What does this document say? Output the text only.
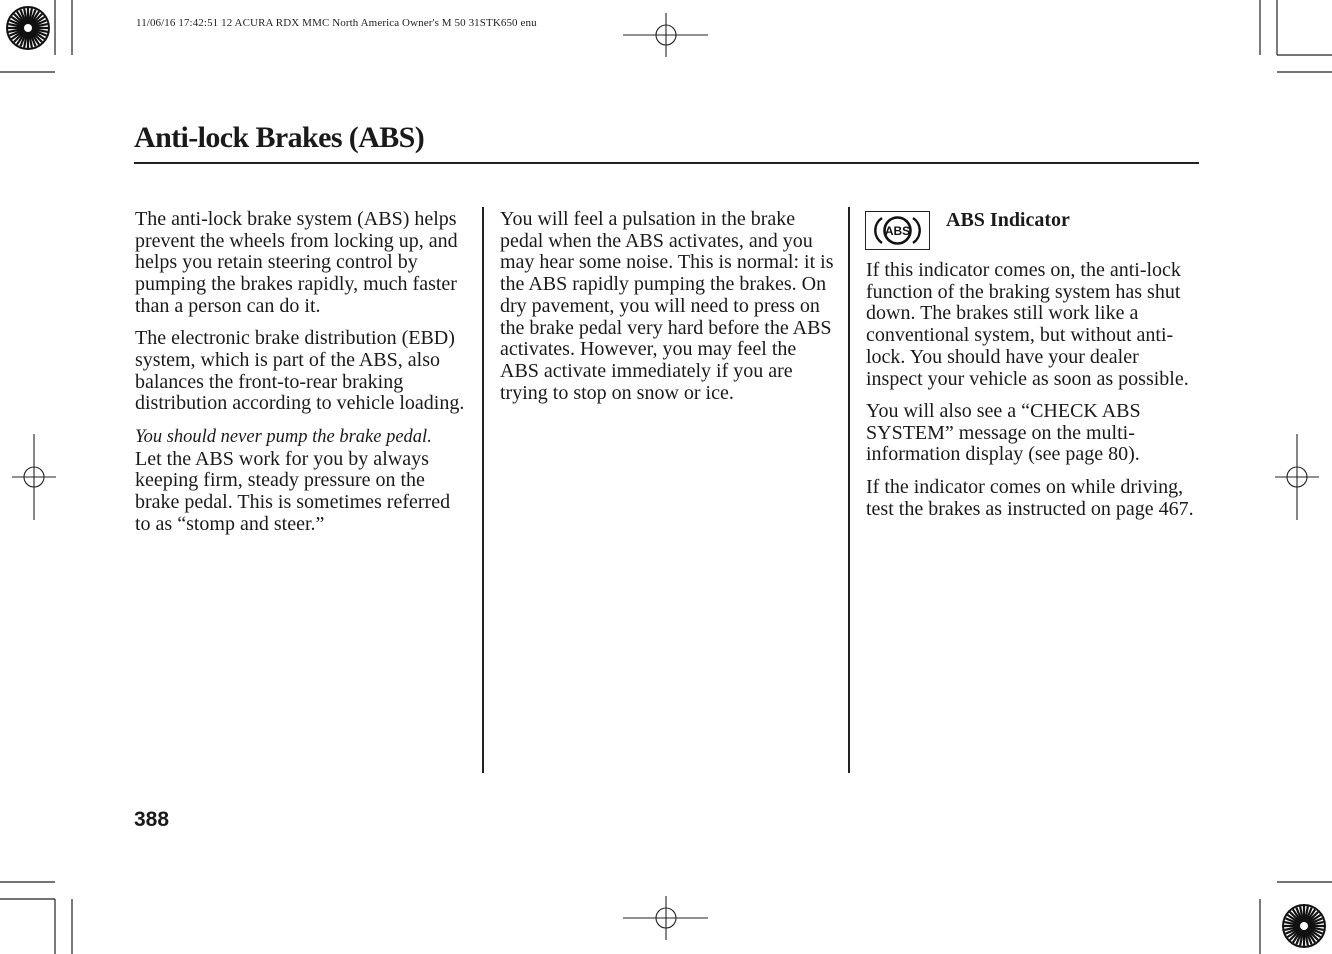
11/06/16 17:42:51 12 ACURA RDX MMC North America Owner's M 50 31STK650 enu
Anti-lock Brakes (ABS)

The anti-lock brake system (ABS) helps prevent the wheels from locking up, and helps you retain steering control by pumping the brakes rapidly, much faster than a person can do it.

The electronic brake distribution (EBD) system, which is part of the ABS, also balances the front-to-rear braking distribution according to vehicle loading.

You should never pump the brake pedal.
Let the ABS work for you by always keeping firm, steady pressure on the brake pedal. This is sometimes referred to as “stomp and steer.”

You will feel a pulsation in the brake pedal when the ABS activates, and you may hear some noise. This is normal: it is the ABS rapidly pumping the brakes. On dry pavement, you will need to press on the brake pedal very hard before the ABS activates. However, you may feel the ABS activate immediately if you are trying to stop on snow or ice.

ABS ABS Indicator

If this indicator comes on, the anti-lock function of the braking system has shut down. The brakes still work like a conventional system, but without anti-lock. You should have your dealer inspect your vehicle as soon as possible.

You will also see a “CHECK ABS SYSTEM” message on the multi-information display (see page 80).

If the indicator comes on while driving, test the brakes as instructed on page 467.

388
